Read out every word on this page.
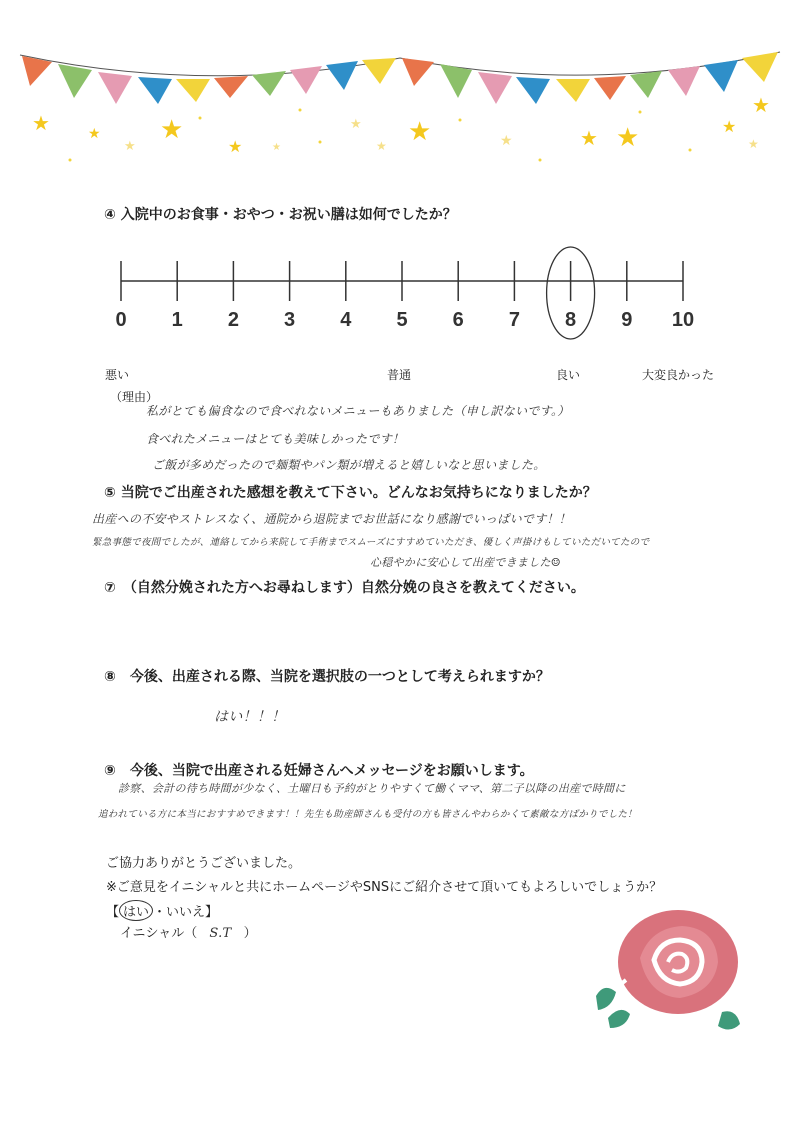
★	★ ★
★
★
★
★ ★	★	★ ★	★
★
★
★
④ 入院中のお食事・おやつ・お祝い膳は如何でしたか？
0 1 2 3 4 5 6 7 8 9 10
悪い	普通	良い	大変良かった
（理由）
私がとても偏食なので食べれないメニューもありました（申し訳ないです。）
食べれたメニューはとても美味しかったです！
ご飯が多めだったので麺類やパン類が増えると嬉しいなと思いました。
⑤ 当院でご出産された感想を教えて下さい。どんなお気持ちになりましたか？
出産への不安やストレスなく、通院から退院までお世話になり感謝でいっぱいです！！
緊急事態で夜間でしたが、連絡してから来院して手術までスムーズにすすめていただき、優しく声掛けもしていただいてたので
心穏やかに安心して出産できました☺
⑦　（自然分娩された方へお尋ねします）自然分娩の良さを教えてください。
⑧　今後、出産される際、当院を選択肢の一つとして考えられますか？
はい！！！
⑨　今後、当院で出産される妊婦さんへメッセージをお願いします。
診察、会計の待ち時間が少なく、土曜日も予約がとりやすくて働くママ、第二子以降の出産で時間に
追われている方に本当におすすめできます！！先生も助産師さんも受付の方も皆さんやわらかくて素敵な方ばかりでした！
ご協力ありがとうございました。
※ご意見をイニシャルと共にホームページやSNSにご紹介させて頂いてもよろしいでしょうか？
【 はい ・いいえ】
イニシャル（ S.T ）
